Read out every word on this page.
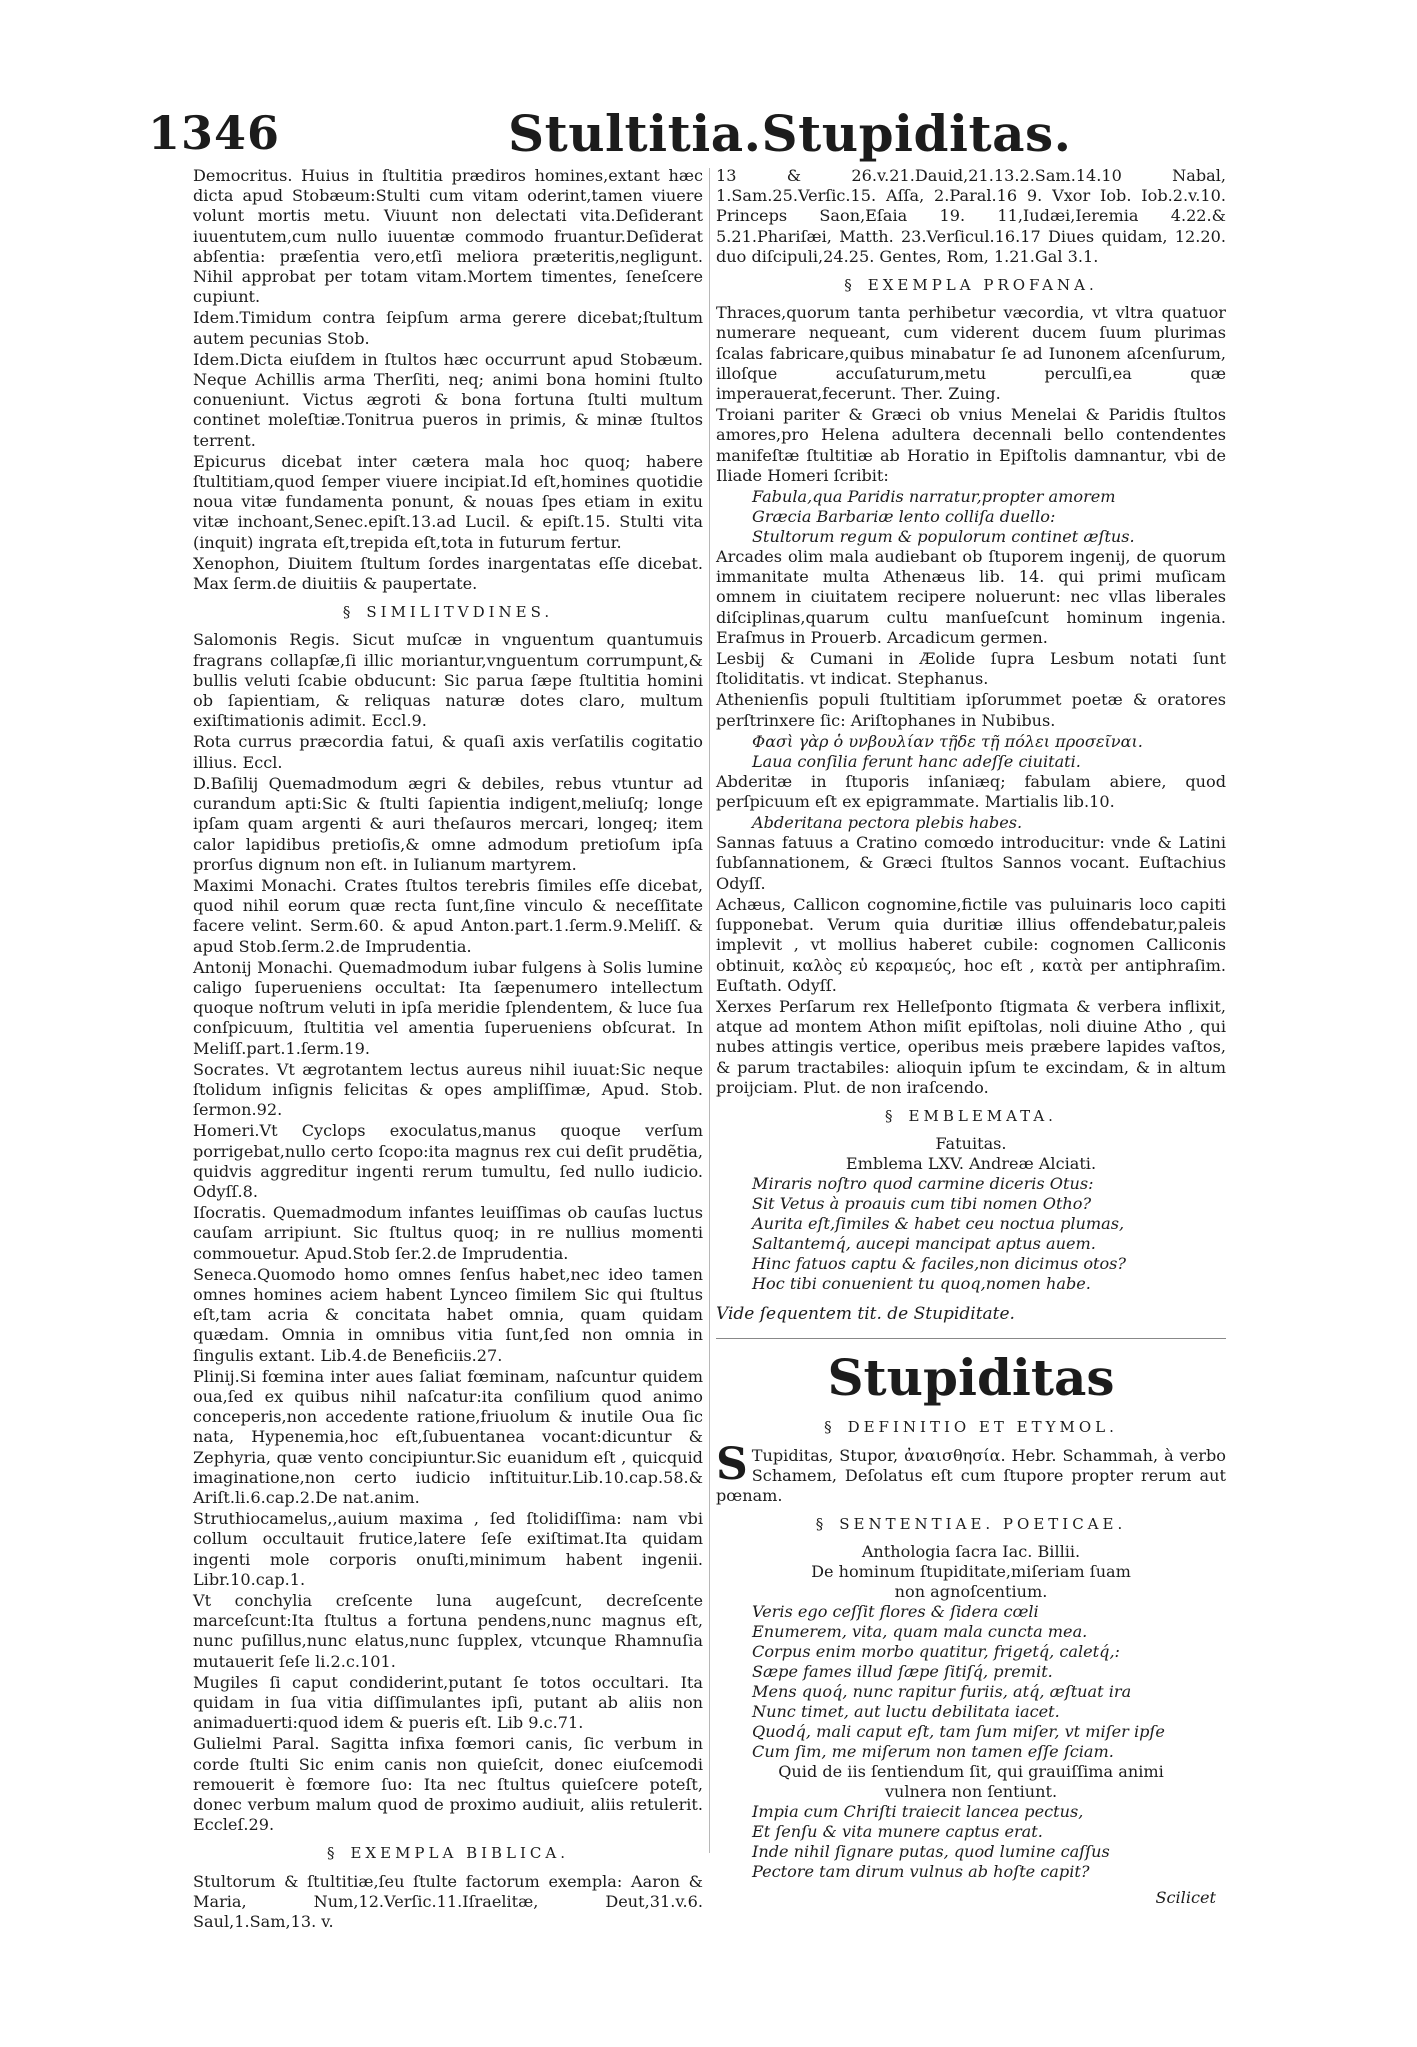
1346	Stultitia.Stupiditas.

Democritus. Huius in ſtultitia prædiros homines,extant hæc dicta apud Stobæum:Stulti cum vitam oderint,tamen viuere volunt mortis metu. Viuunt non delectati vita.Deſiderant iuuentutem,cum nullo iuuentæ commodo fruantur.Deſiderat abſentia: præſentia vero,etſi meliora præteritis,negligunt. Nihil approbat per totam vitam.Mortem timentes, ſeneſcere cupiunt.

Idem.Timidum contra ſeipſum arma gerere dicebat;ſtultum autem pecunias Stob.

Idem.Dicta eiuſdem in ſtultos hæc occurrunt apud Stobæum. Neque Achillis arma Therſiti, neq; animi bona homini ſtulto conueniunt. Victus ægroti & bona fortuna ſtulti multum continet moleſtiæ.Tonitrua pueros in primis, & minæ ſtultos terrent.

Epicurus dicebat inter cætera mala hoc quoq; habere ſtultitiam,quod ſemper viuere incipiat.Id eſt,homines quotidie noua vitæ fundamenta ponunt, & nouas ſpes etiam in exitu vitæ inchoant,Senec.epiſt.13.ad Lucil. & epiſt.15. Stulti vita (inquit) ingrata eſt,trepida eſt,tota in futurum fertur.

Xenophon, Diuitem ſtultum ſordes inargentatas eſſe dicebat. Max ſerm.de diuitiis & paupertate.

§ SIMILITVDINES.

Salomonis Regis. Sicut muſcæ in vnguentum quantumuis fragrans collapſæ,ſi illic moriantur,vnguentum corrumpunt,& bullis veluti ſcabie obducunt: Sic parua ſæpe ſtultitia homini ob ſapientiam, & reliquas naturæ dotes claro, multum exiſtimationis adimit. Eccl.9.

Rota currus præcordia fatui, & quaſi axis verſatilis cogitatio illius. Eccl.

D.Baſilij Quemadmodum ægri & debiles, rebus vtuntur ad curandum apti:Sic & ſtulti ſapientia indigent,meliuſq; longe ipſam quam argenti & auri theſauros mercari, longeq; item calor lapidibus pretioſis,& omne admodum pretioſum ipſa prorſus dignum non eſt. in Iulianum martyrem.

Maximi Monachi. Crates ſtultos terebris ſimiles eſſe dicebat, quod nihil eorum quæ recta ſunt,ſine vinculo & neceſſitate facere velint. Serm.60. & apud Anton.part.1.ſerm.9.Meliſſ. & apud Stob.ſerm.2.de Imprudentia.

Antonij Monachi. Quemadmodum iubar fulgens à Solis lumine caligo ſuperueniens occultat: Ita ſæpenumero intellectum quoque noſtrum veluti in ipſa meridie ſplendentem, & luce ſua conſpicuum, ſtultitia vel amentia ſuperueniens obſcurat. In Meliſſ.part.1.ſerm.19.

Socrates. Vt ægrotantem lectus aureus nihil iuuat:Sic neque ſtolidum inſignis felicitas & opes ampliſſimæ, Apud. Stob. ſermon.92.

Homeri.Vt Cyclops exoculatus,manus quoque verſum porrigebat,nullo certo ſcopo:ita magnus rex cui deſit prudẽtia, quidvis aggreditur ingenti rerum tumultu, ſed nullo iudicio. Odyſſ.8.

Iſocratis. Quemadmodum infantes leuiſſimas ob cauſas luctus cauſam arripiunt. Sic ſtultus quoq; in re nullius momenti commouetur. Apud.Stob ſer.2.de Imprudentia.

Seneca.Quomodo homo omnes ſenſus habet,nec ideo tamen omnes homines aciem habent Lynceo ſimilem Sic qui ſtultus eſt,tam acria & concitata habet omnia, quam quidam quædam. Omnia in omnibus vitia ſunt,ſed non omnia in ſingulis extant. Lib.4.de Beneficiis.27.

Plinij.Si fœmina inter aues ſaliat fœminam, naſcuntur quidem oua,ſed ex quibus nihil naſcatur:ita conſilium quod animo conceperis,non accedente ratione,friuolum & inutile Oua ſic nata, Hypenemia,hoc eſt,ſubuentanea vocant:dicuntur & Zephyria, quæ vento concipiuntur.Sic euanidum eſt , quicquid imaginatione,non certo iudicio inſtituitur.Lib.10.cap.58.& Ariſt.li.6.cap.2.De nat.anim.

Struthiocamelus,,auium maxima , ſed ſtolidiſſima: nam vbi collum occultauit frutice,latere ſeſe exiſtimat.Ita quidam ingenti mole corporis onuſti,minimum habent ingenii. Libr.10.cap.1.

Vt conchylia creſcente luna augeſcunt, decreſcente marceſcunt:Ita ſtultus a fortuna pendens,nunc magnus eſt, nunc puſillus,nunc elatus,nunc ſupplex, vtcunque Rhamnuſia mutauerit ſeſe li.2.c.101.

Mugiles ſi caput condiderint,putant ſe totos occultari. Ita quidam in ſua vitia diſſimulantes ipſi, putant ab aliis non animaduerti:quod idem & pueris eſt. Lib 9.c.71.

Gulielmi Paral. Sagitta infixa fœmori canis, ſic verbum in corde ſtulti Sic enim canis non quieſcit, donec eiuſcemodi remouerit è fœmore ſuo: Ita nec ſtultus quieſcere poteſt, donec verbum malum quod de proximo audiuit, aliis retulerit. Eccleſ.29.

§ EXEMPLA BIBLICA.

Stultorum & ſtultitiæ,ſeu ſtulte factorum exempla: Aaron & Maria, Num,12.Verſic.11.Iſraelitæ, Deut,31.v.6. Saul,1.Sam,13. v.

13 & 26.v.21.Dauid,21.13.2.Sam.14.10 Nabal, 1.Sam.25.Verſic.15. Aſſa, 2.Paral.16 9. Vxor Iob. Iob.2.v.10. Princeps Saon,Eſaia 19. 11,Iudæi,Ieremia 4.22.& 5.21.Phariſæi, Matth. 23.Verſicul.16.17 Diues quidam, 12.20. duo diſcipuli,24.25. Gentes, Rom, 1.21.Gal 3.1.

§ EXEMPLA PROFANA.

Thraces,quorum tanta perhibetur væcordia, vt vltra quatuor numerare nequeant, cum viderent ducem ſuum plurimas ſcalas fabricare,quibus minabatur ſe ad Iunonem aſcenſurum, illoſque accuſaturum,metu perculſi,ea quæ imperauerat,fecerunt. Ther. Zuing.

Troiani pariter & Græci ob vnius Menelai & Paridis ſtultos amores,pro Helena adultera decennali bello contendentes manifeſtæ ſtultitiæ ab Horatio in Epiſtolis damnantur, vbi de Iliade Homeri ſcribit:

Fabula,qua Paridis narratur,propter amorem
Græcia Barbariæ lento colliſa duello:
Stultorum regum & populorum continet æſtus.

Arcades olim mala audiebant ob ſtuporem ingenij, de quorum immanitate multa Athenæus lib. 14. qui primi muſicam omnem in ciuitatem recipere noluerunt: nec vllas liberales diſciplinas,quarum cultu manſueſcunt hominum ingenia. Eraſmus in Prouerb. Arcadicum germen.

Lesbij & Cumani in Æolide ſupra Lesbum notati ſunt ſtoliditatis. vt indicat. Stephanus.

Athenienſis populi ſtultitiam ipſorummet poetæ & oratores perſtrinxere ſic: Ariſtophanes in Nubibus.

Φασὶ γὰρ ὁ υνβουλίαν τῇδε τῇ πόλει προσεῖναι.
Laua conſilia ferunt hanc adeſſe ciuitati.

Abderitæ in ſtuporis inſaniæq; fabulam abiere, quod perſpicuum eſt ex epigrammate. Martialis lib.10.

Abderitana pectora plebis habes.

Sannas fatuus a Cratino comœdo introducitur: vnde & Latini ſubſannationem, & Græci ſtultos Sannos vocant. Euſtachius Odyſſ.

Achæus, Callicon cognomine,fictile vas puluinaris loco capiti ſupponebat. Verum quia duritiæ illius offendebatur,paleis implevit , vt mollius haberet cubile: cognomen Calliconis obtinuit, καλὸς εὑ κεραμεύς, hoc eſt , κατὰ per antiphraſim. Euſtath. Odyſſ.

Xerxes Perſarum rex Helleſponto ſtigmata & verbera inflixit, atque ad montem Athon miſit epiſtolas, noli diuine Atho , qui nubes attingis vertice, operibus meis præbere lapides vaſtos, & parum tractabiles: alioquin ipſum te excindam, & in altum proijciam. Plut. de non iraſcendo.

§ EMBLEMATA.
Fatuitas.
Emblema LXV. Andreæ Alciati.
Miraris noſtro quod carmine diceris Otus:
Sit Vetus à proauis cum tibi nomen Otho?
Aurita eſt,ſimiles & habet ceu noctua plumas,
Saltantemq́, aucepi mancipat aptus auem.
Hinc fatuos captu & faciles,non dicimus otos?
Hoc tibi conuenient tu quoq,nomen habe.
Vide ſequentem tit. de Stupiditate.
Stupiditas
§ DEFINITIO ET ETYMOL.

S Tupiditas, Stupor, ἀναισθησία. Hebr. Schammah, à verbo Schamem, Deſolatus eſt cum ſtupore propter rerum aut pœnam.

§ SENTENTIAE. POETICAE.
Anthologia ſacra Iac. Billii.
De hominum ſtupiditate,miſeriam ſuam
non agnoſcentium.
Veris ego ceſſit flores & ſidera cœli
Enumerem, vita, quam mala cuncta mea.
Corpus enim morbo quatitur, frigetq́, caletq́,:
Sæpe fames illud ſæpe ſitiſq́, premit.
Mens quoq́, nunc rapitur furiis, atq́, æſtuat ira
Nunc timet, aut luctu debilitata iacet.
Quodq́, mali caput eſt, tam ſum miſer, vt miſer ipſe
Cum ſim, me miſerum non tamen eſſe ſciam.
Quid de iis ſentiendum ſit, qui grauiſſima animi
vulnera non ſentiunt.
Impia cum Chriſti traiecit lancea pectus,
Et ſenſu & vita munere captus erat.
Inde nihil ſignare putas, quod lumine caſſus
Pectore tam dirum vulnus ab hoſte capit?
Scilicet
